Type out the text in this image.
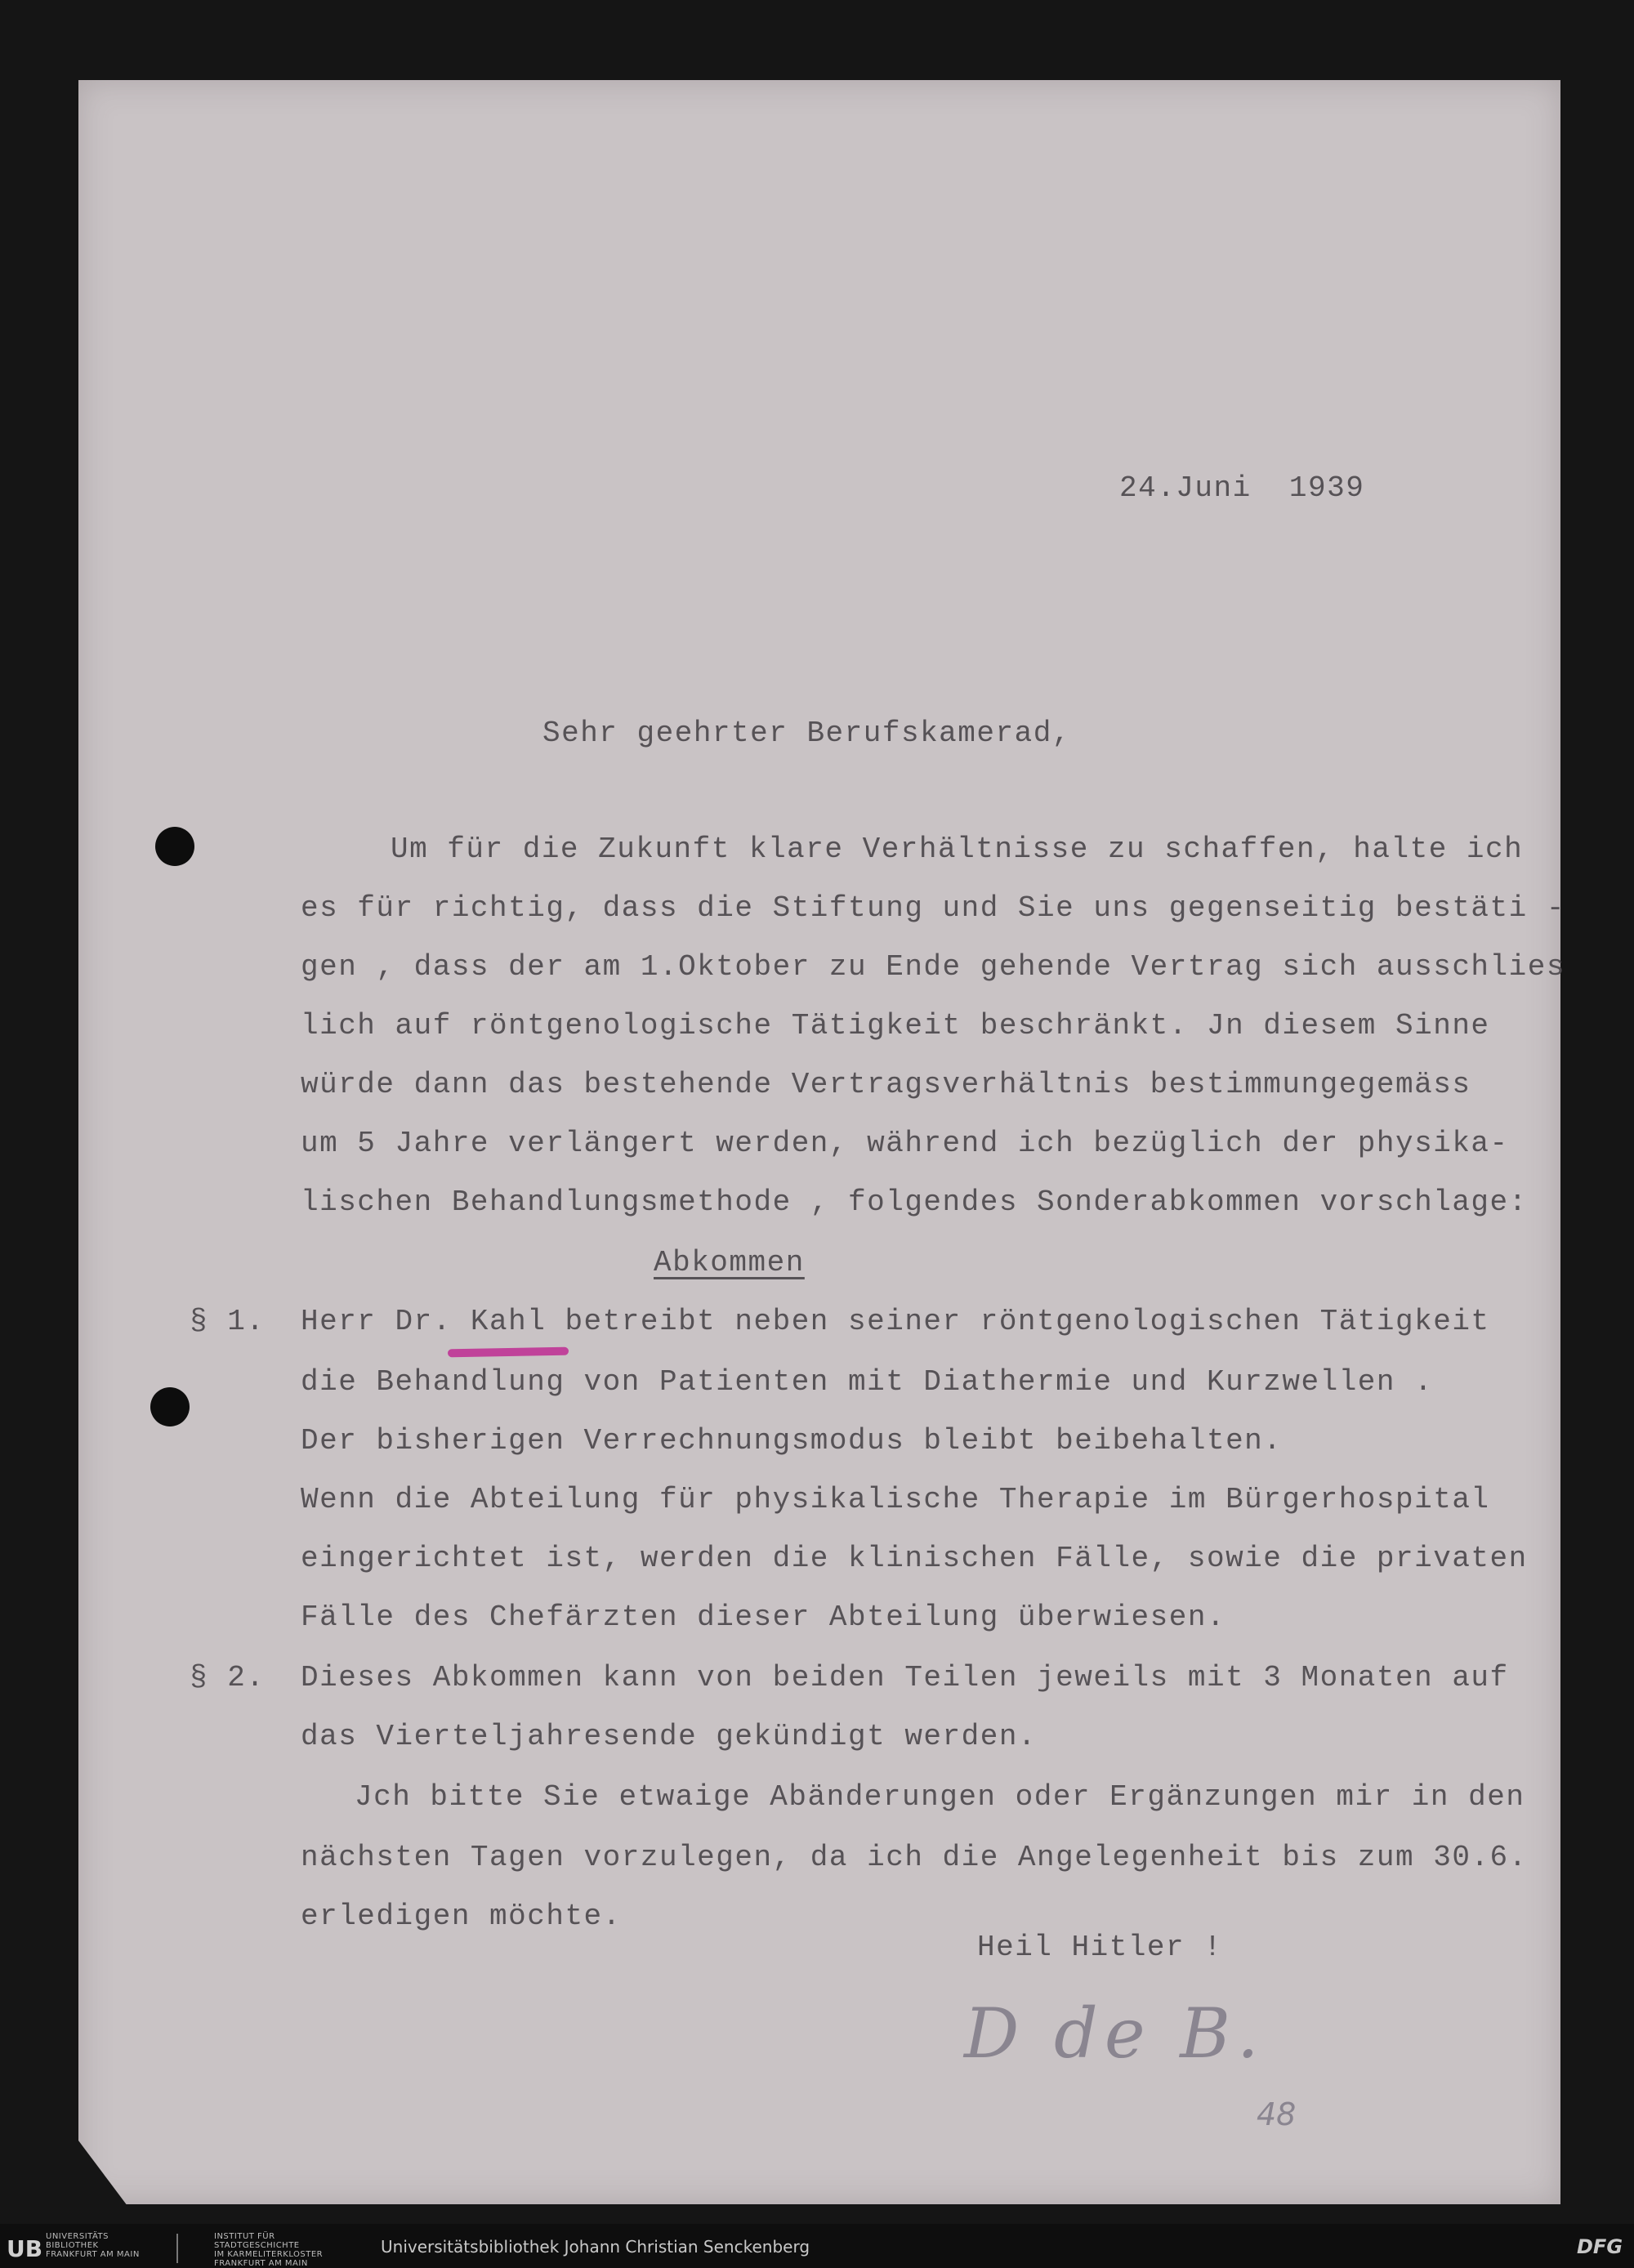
24.Juni  1939
Sehr geehrter Berufskamerad,
Um für die Zukunft klare Verhältnisse zu schaffen, halte ich
es für richtig, dass die Stiftung und Sie uns gegenseitig bestäti -
gen , dass der am 1.Oktober zu Ende gehende Vertrag sich ausschlies
lich auf röntgenologische Tätigkeit beschränkt. Jn diesem Sinne
würde dann das bestehende Vertragsverhältnis bestimmungegemäss
um 5 Jahre verlängert werden, während ich bezüglich der physika-
lischen Behandlungsmethode , folgendes Sonderabkommen vorschlage:
Abkommen
§ 1. Herr Dr. Kahl betreibt neben seiner röntgenologischen Tätigkeit
die Behandlung von Patienten mit Diathermie und Kurzwellen .
Der bisherigen Verrechnungsmodus bleibt beibehalten.
Wenn die Abteilung für physikalische Therapie im Bürgerhospital
eingerichtet ist, werden die klinischen Fälle, sowie die privaten
Fälle des Chefärzten dieser Abteilung überwiesen.
§ 2. Dieses Abkommen kann von beiden Teilen jeweils mit 3 Monaten auf
das Vierteljahresende gekündigt werden.
Jch bitte Sie etwaige Abänderungen oder Ergänzungen mir in den
nächsten Tagen vorzulegen, da ich die Angelegenheit bis zum 30.6.
erledigen möchte.
Heil Hitler !
D de B.
48
UB UNIVERSITÄTS
BIBLIOTHEK
FRANKFURT AM MAIN
INSTITUT FÜR
STADTGESCHICHTE
IM KARMELITERKLOSTER
FRANKFURT AM MAIN
Universitätsbibliothek Johann Christian Senckenberg	DFG
